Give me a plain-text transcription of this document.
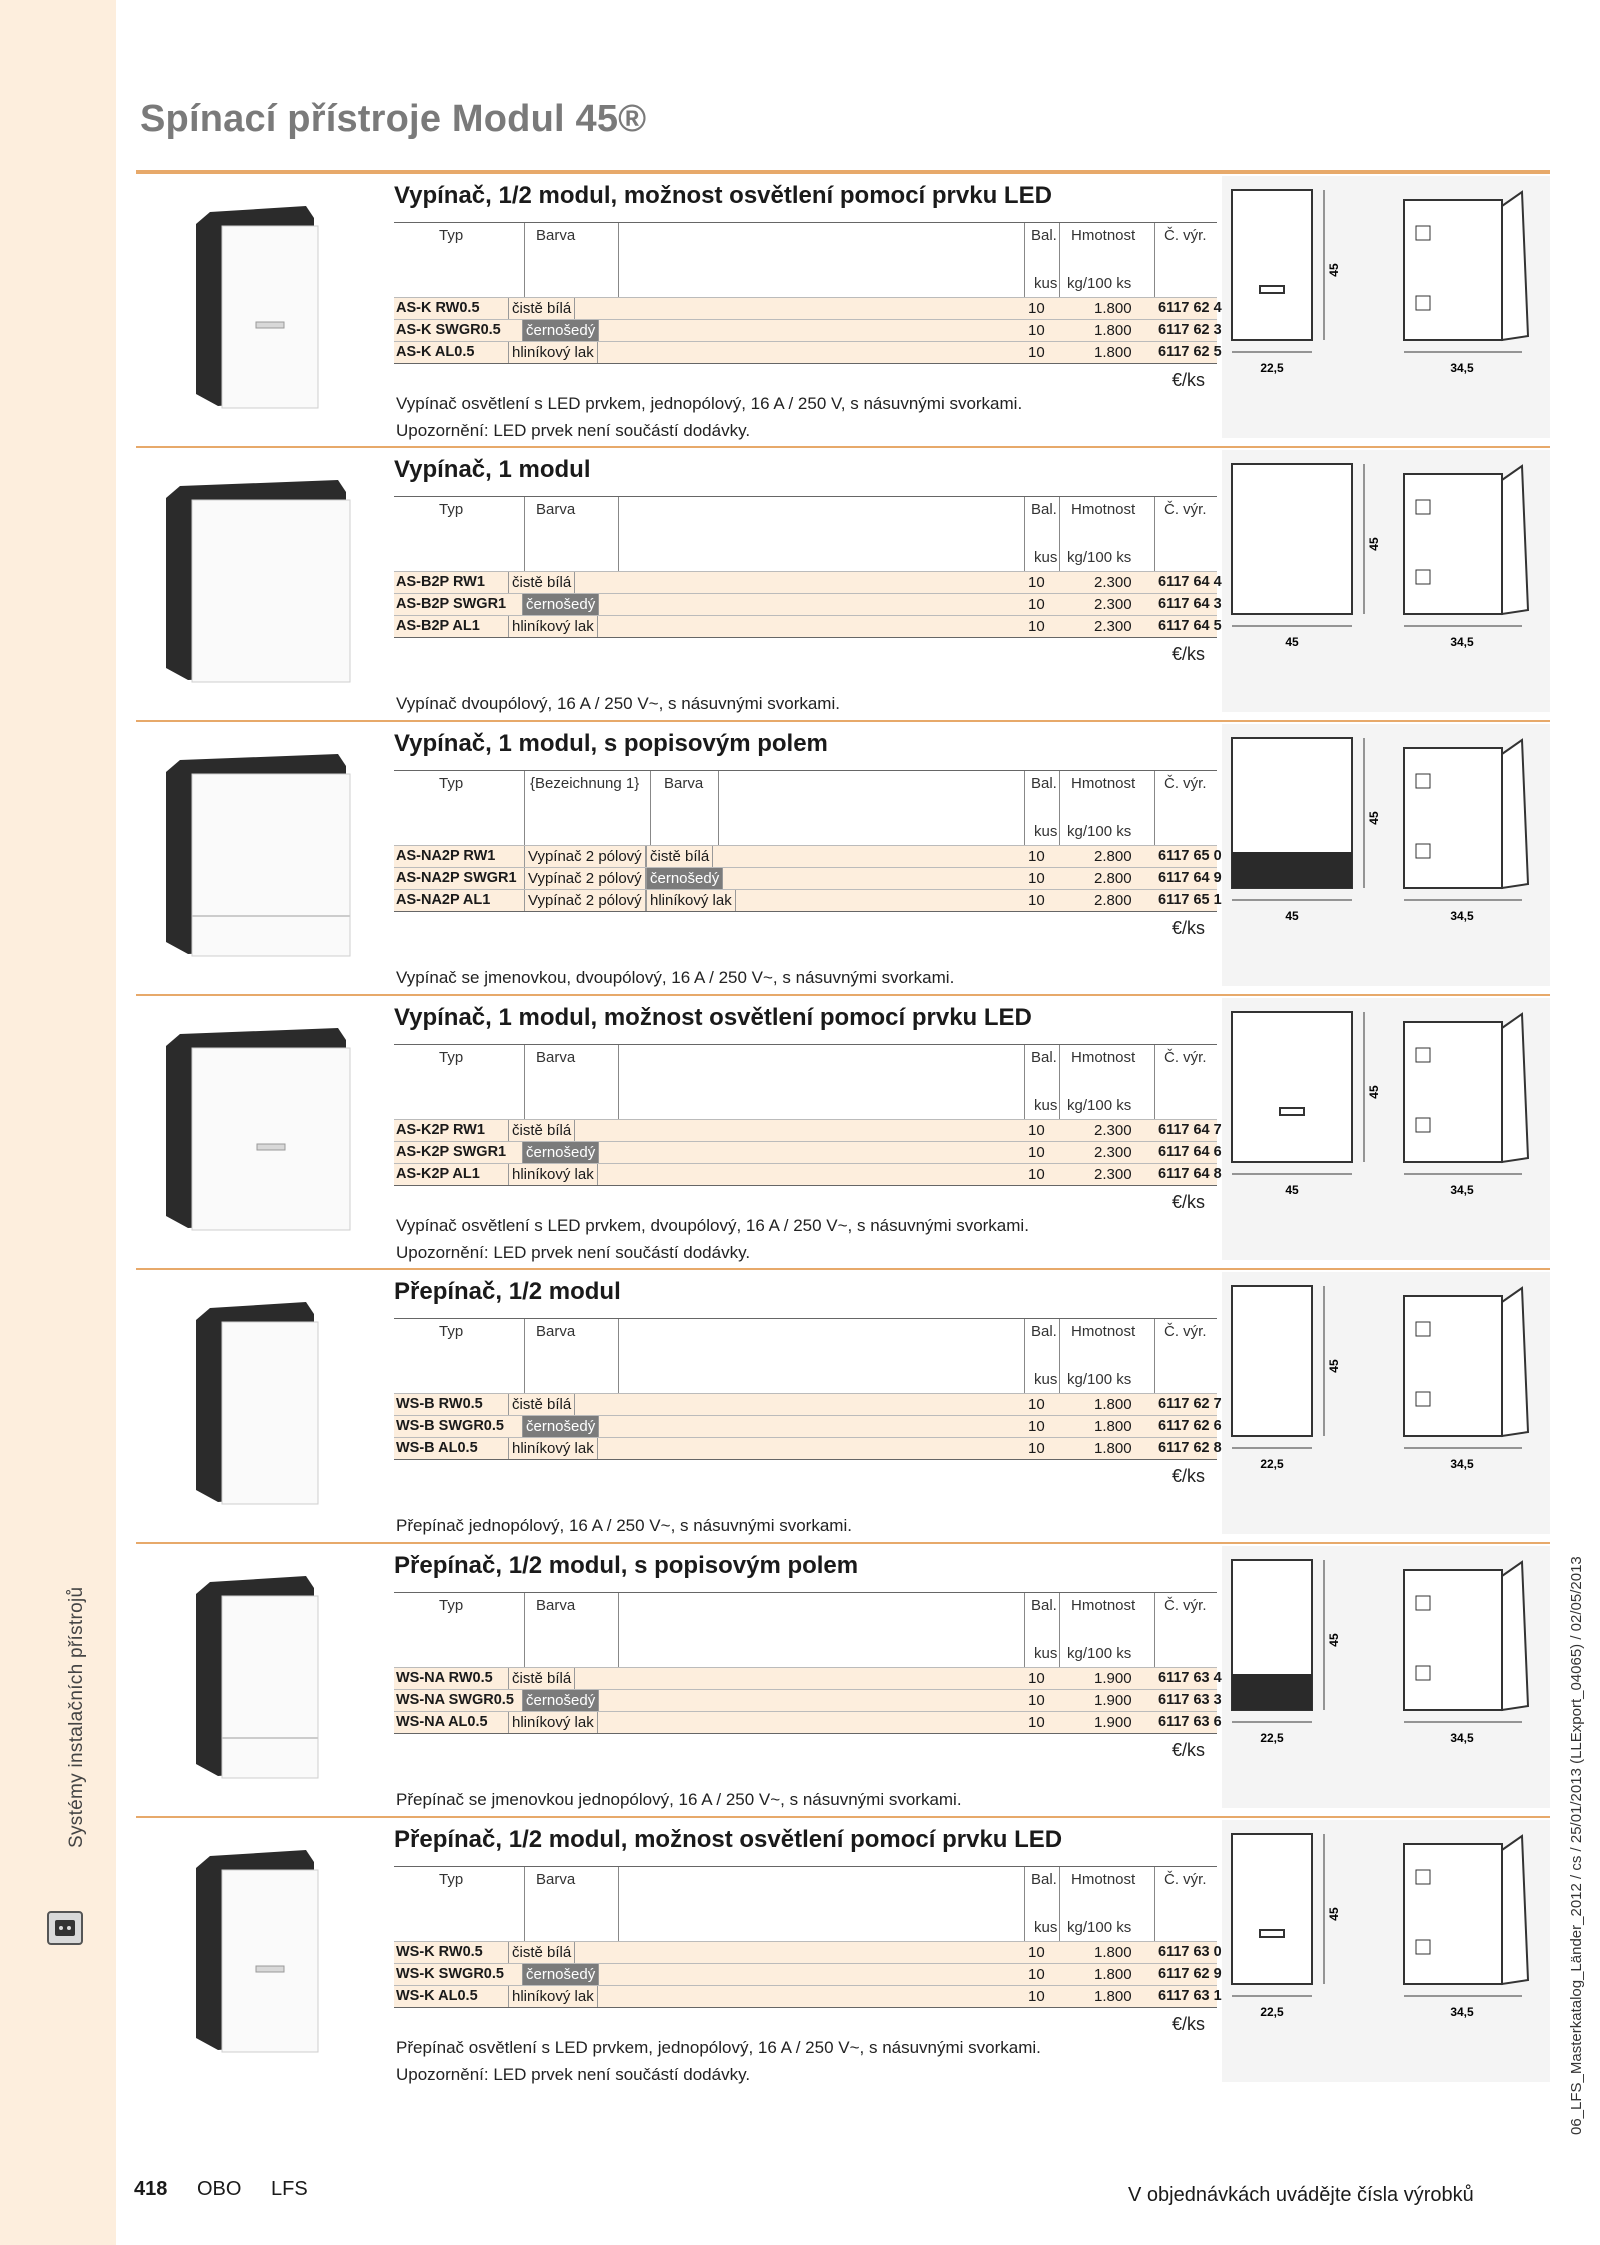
Systémy instalačních přístrojů
Spínací přístroje Modul 45®
Vypínač, 1/2 modul, možnost osvětlení pomocí prvku LED
Typ	Barva	Bal. Hmotnost Č. výr.
kus kg/100 ks
AS-K RW0.5 čistě bílá	10	1.800 6117 62 4
AS-K SWGR0.5 černošedý	10	1.800 6117 62 3
AS-K AL0.5	hliníkový lak	10	1.800 6117 62 5
€/ks
Vypínač osvětlení s LED prvkem, jednopólový, 16 A / 250 V, s násuvnými svorkami.
Upozornění: LED prvek není součástí dodávky.
45
22,5	34,5
Vypínač, 1 modul
Typ	Barva	Bal. Hmotnost Č. výr.
kus kg/100 ks
AS-B2P RW1 čistě bílá	10	2.300 6117 64 4
AS-B2P SWGR1 černošedý	10	2.300 6117 64 3
AS-B2P AL1 hliníkový lak	10	2.300 6117 64 5
€/ks
Vypínač dvoupólový, 16 A / 250 V~, s násuvnými svorkami.
45
45	34,5
Vypínač, 1 modul, s popisovým polem
Typ	{Bezeichnung 1} Barva	Bal. Hmotnost Č. výr.
kus kg/100 ks
AS-NA2P RW1 Vypínač 2 pólový čistě bílá	10	2.800 6117 65 0
AS-NA2P SWGR1 Vypínač 2 pólový černošedý	10	2.800 6117 64 9
AS-NA2P AL1	Vypínač 2 pólový hliníkový lak	10	2.800 6117 65 1
€/ks
Vypínač se jmenovkou, dvoupólový, 16 A / 250 V~, s násuvnými svorkami.
45
45	34,5
Vypínač, 1 modul, možnost osvětlení pomocí prvku LED
Typ	Barva	Bal. Hmotnost Č. výr.
kus kg/100 ks
AS-K2P RW1 čistě bílá	10	2.300 6117 64 7
AS-K2P SWGR1 černošedý	10	2.300 6117 64 6
AS-K2P AL1 hliníkový lak	10	2.300 6117 64 8
€/ks
Vypínač osvětlení s LED prvkem, dvoupólový, 16 A / 250 V~, s násuvnými svorkami.
Upozornění: LED prvek není součástí dodávky.
45
45	34,5
Přepínač, 1/2 modul
Typ	Barva	Bal. Hmotnost Č. výr.
kus kg/100 ks
WS-B RW0.5 čistě bílá	10	1.800 6117 62 7
WS-B SWGR0.5 černošedý	10	1.800 6117 62 6
WS-B AL0.5 hliníkový lak	10	1.800 6117 62 8
€/ks
Přepínač jednopólový, 16 A / 250 V~, s násuvnými svorkami.
45
22,5	34,5
Přepínač, 1/2 modul, s popisovým polem
Typ	Barva	Bal. Hmotnost Č. výr.
kus kg/100 ks
WS-NA RW0.5 čistě bílá	10	1.900 6117 63 4
WS-NA SWGR0.5 černošedý	10	1.900 6117 63 3
WS-NA AL0.5 hliníkový lak	10	1.900 6117 63 6
€/ks
Přepínač se jmenovkou jednopólový, 16 A / 250 V~, s násuvnými svorkami.
45
22,5	34,5
Přepínač, 1/2 modul, možnost osvětlení pomocí prvku LED
Typ	Barva	Bal. Hmotnost Č. výr.
kus kg/100 ks
WS-K RW0.5 čistě bílá	10	1.800 6117 63 0
WS-K SWGR0.5 černošedý	10	1.800 6117 62 9
WS-K AL0.5 hliníkový lak	10	1.800 6117 63 1
€/ks
Přepínač osvětlení s LED prvkem, jednopólový, 16 A / 250 V~, s násuvnými svorkami.
Upozornění: LED prvek není součástí dodávky.
45
22,5	34,5
418 OBO LFS	V objednávkách uvádějte čísla výrobků
06_LFS_Masterkatalog_Länder_2012 / cs / 25/01/2013 (LLExport_04065) / 02/05/2013
